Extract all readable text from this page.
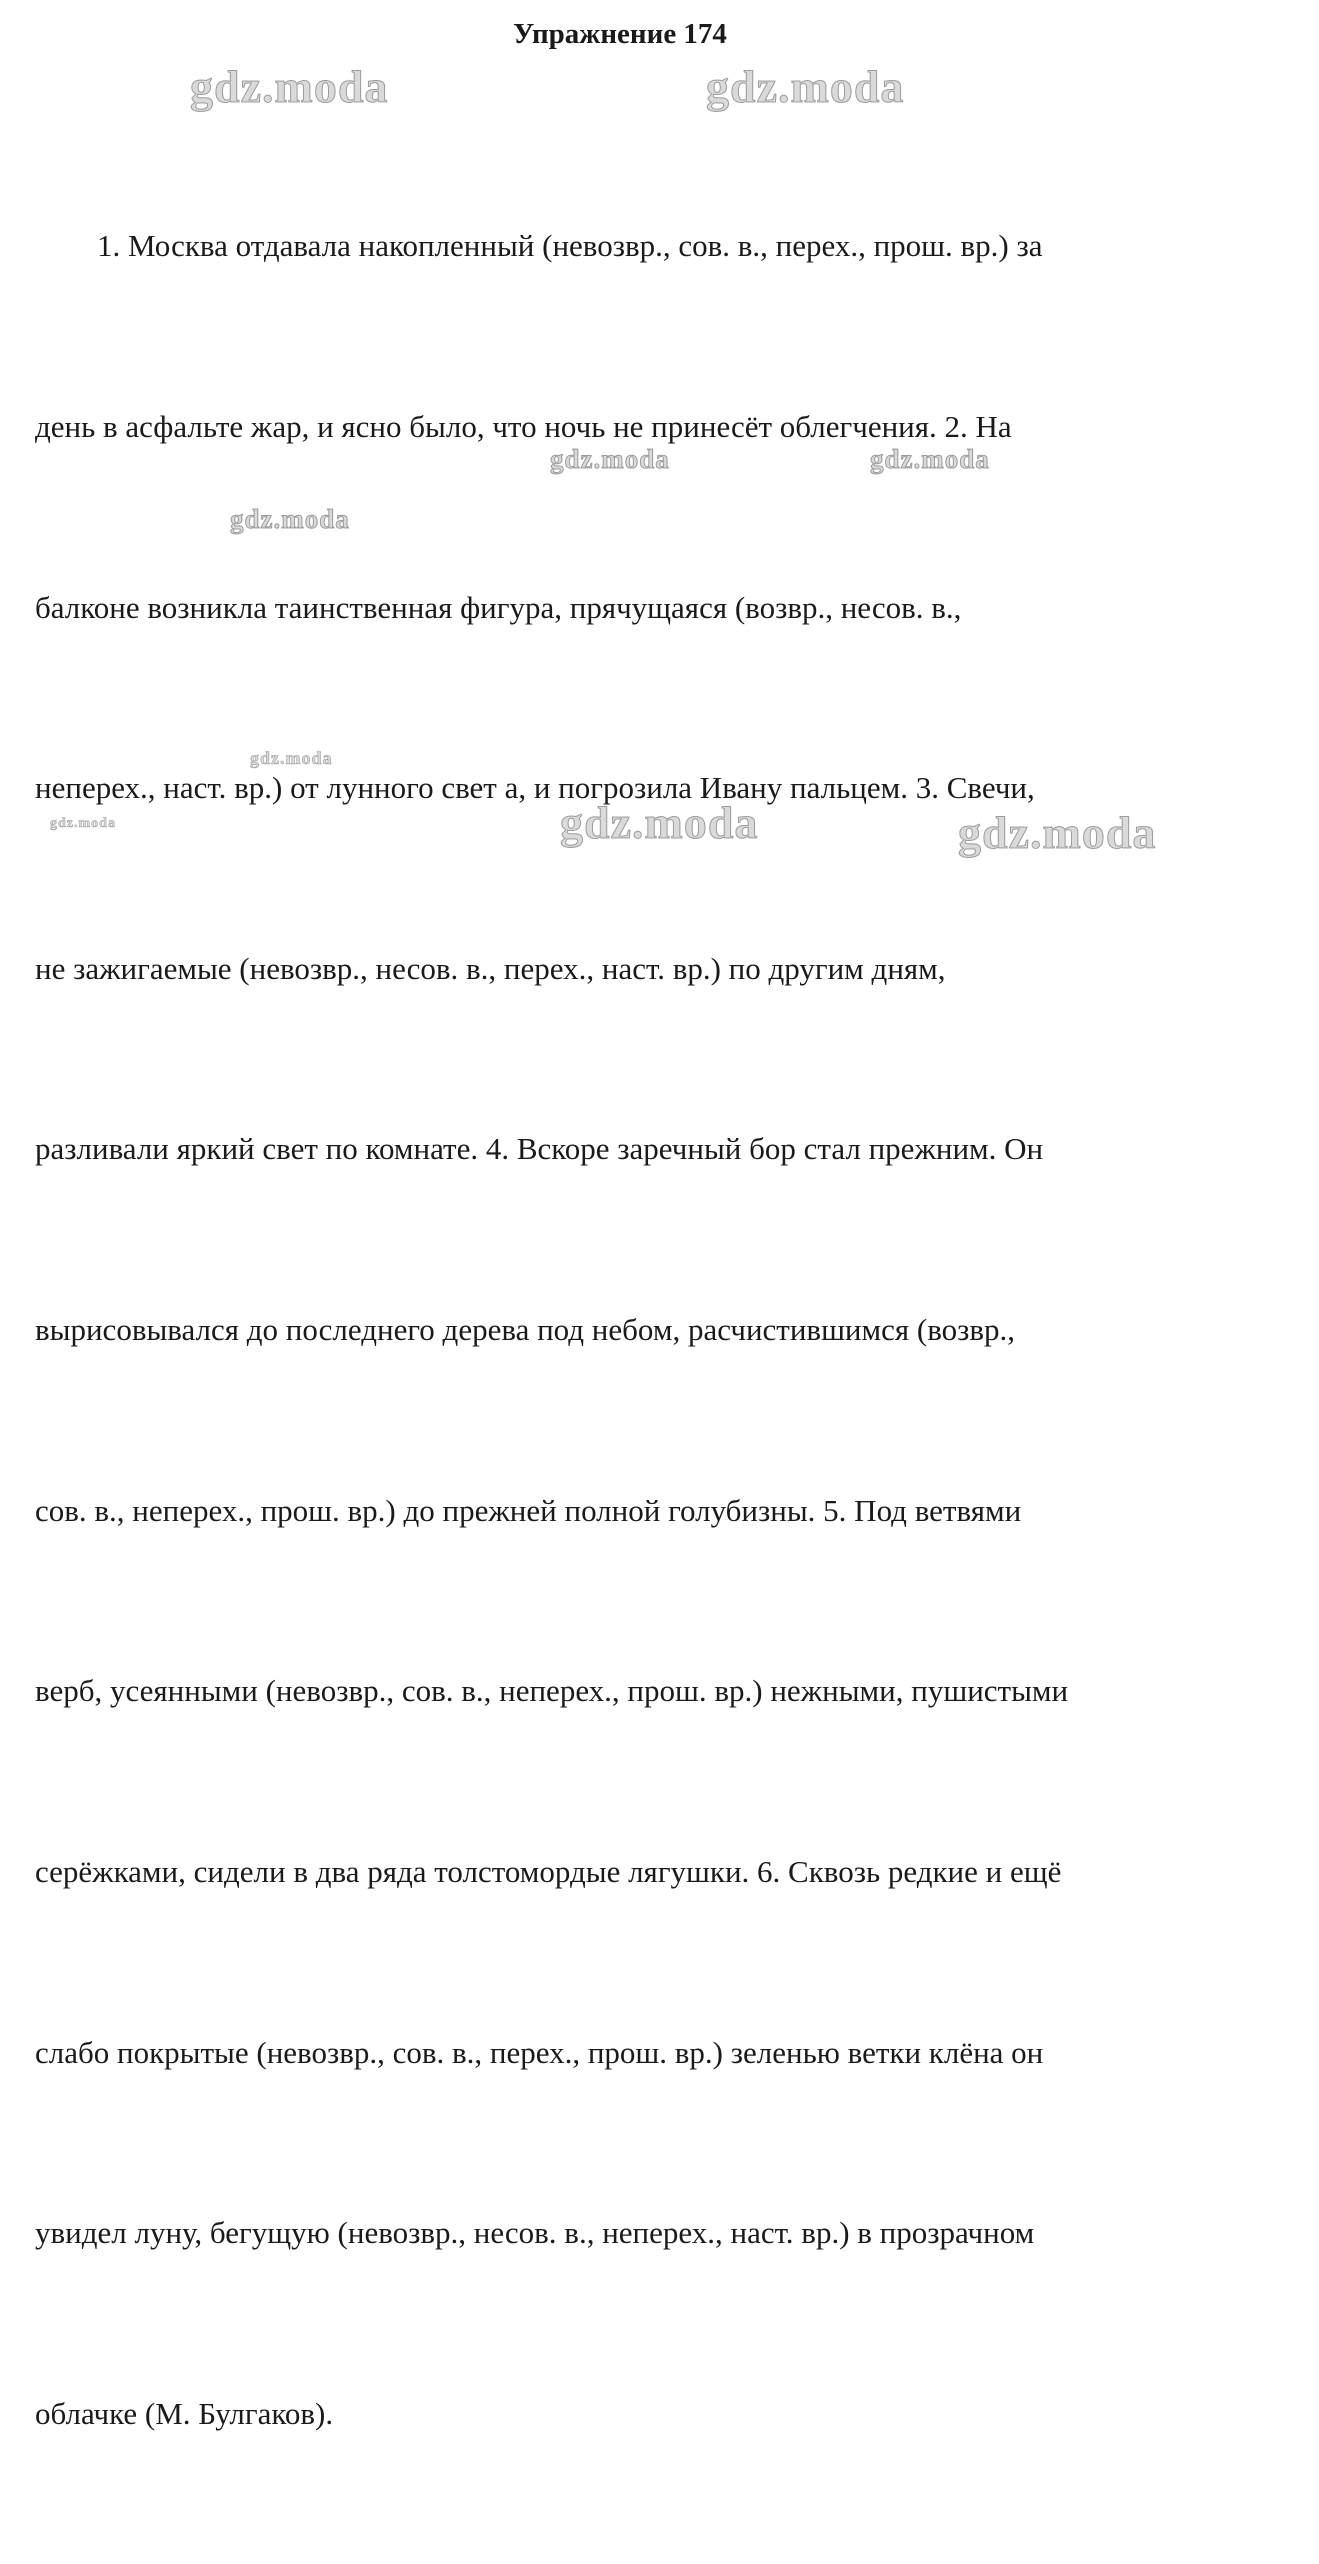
Упражнение 174

1. Москва отдавала накопленный (невозвр., сов. в., перех., прош. вр.) за

день в асфальте жар, и ясно было, что ночь не принесёт облегчения. 2. На

балконе возникла таинственная фигура, прячущаяся (возвр., несов. в.,

неперех., наст. вр.) от лунного свет а, и погрозила Ивану пальцем. 3. Свечи,

не зажигаемые (невозвр., несов. в., перех., наст. вр.) по другим дням,

разливали яркий свет по комнате. 4. Вскоре заречный бор стал прежним. Он

вырисовывался до последнего дерева под небом, расчистившимся (возвр.,

сов. в., неперех., прош. вр.) до прежней полной голубизны. 5. Под ветвями

верб, усеянными (невозвр., сов. в., неперех., прош. вр.) нежными, пушистыми

серёжками, сидели в два ряда толстомордые лягушки. 6. Сквозь редкие и ещё

слабо покрытые (невозвр., сов. в., перех., прош. вр.) зеленью ветки клёна он

увидел луну, бегущую (невозвр., несов. в., неперех., наст. вр.) в прозрачном

облачке (М. Булгаков).

gdz.moda	gdz.moda
gdz.moda	gdz.moda
gdz.moda
gdz.moda
gdz.moda	gdz.moda	gdz.moda
